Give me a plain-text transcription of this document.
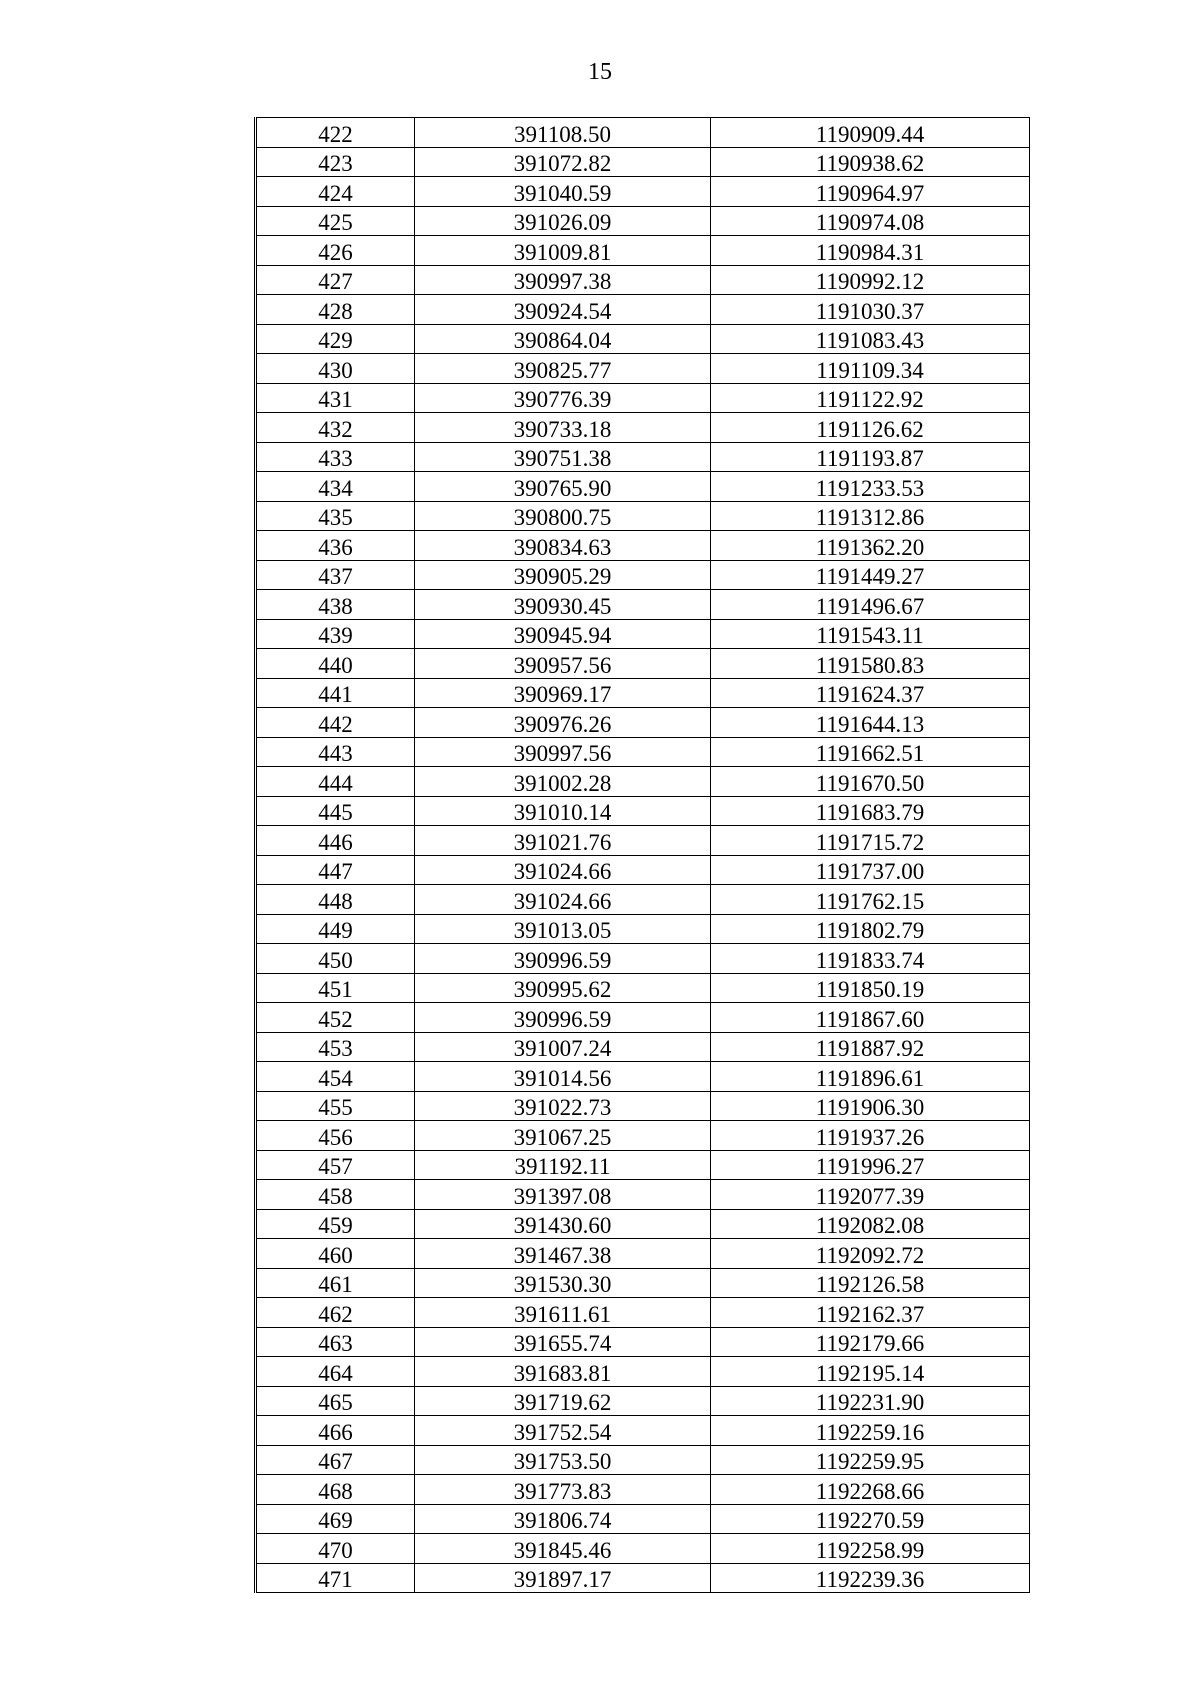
15
422	391108.50	1190909.44
423	391072.82	1190938.62
424	391040.59	1190964.97
425	391026.09	1190974.08
426	391009.81	1190984.31
427	390997.38	1190992.12
428	390924.54	1191030.37
429	390864.04	1191083.43
430	390825.77	1191109.34
431	390776.39	1191122.92
432	390733.18	1191126.62
433	390751.38	1191193.87
434	390765.90	1191233.53
435	390800.75	1191312.86
436	390834.63	1191362.20
437	390905.29	1191449.27
438	390930.45	1191496.67
439	390945.94	1191543.11
440	390957.56	1191580.83
441	390969.17	1191624.37
442	390976.26	1191644.13
443	390997.56	1191662.51
444	391002.28	1191670.50
445	391010.14	1191683.79
446	391021.76	1191715.72
447	391024.66	1191737.00
448	391024.66	1191762.15
449	391013.05	1191802.79
450	390996.59	1191833.74
451	390995.62	1191850.19
452	390996.59	1191867.60
453	391007.24	1191887.92
454	391014.56	1191896.61
455	391022.73	1191906.30
456	391067.25	1191937.26
457	391192.11	1191996.27
458	391397.08	1192077.39
459	391430.60	1192082.08
460	391467.38	1192092.72
461	391530.30	1192126.58
462	391611.61	1192162.37
463	391655.74	1192179.66
464	391683.81	1192195.14
465	391719.62	1192231.90
466	391752.54	1192259.16
467	391753.50	1192259.95
468	391773.83	1192268.66
469	391806.74	1192270.59
470	391845.46	1192258.99
471	391897.17	1192239.36
